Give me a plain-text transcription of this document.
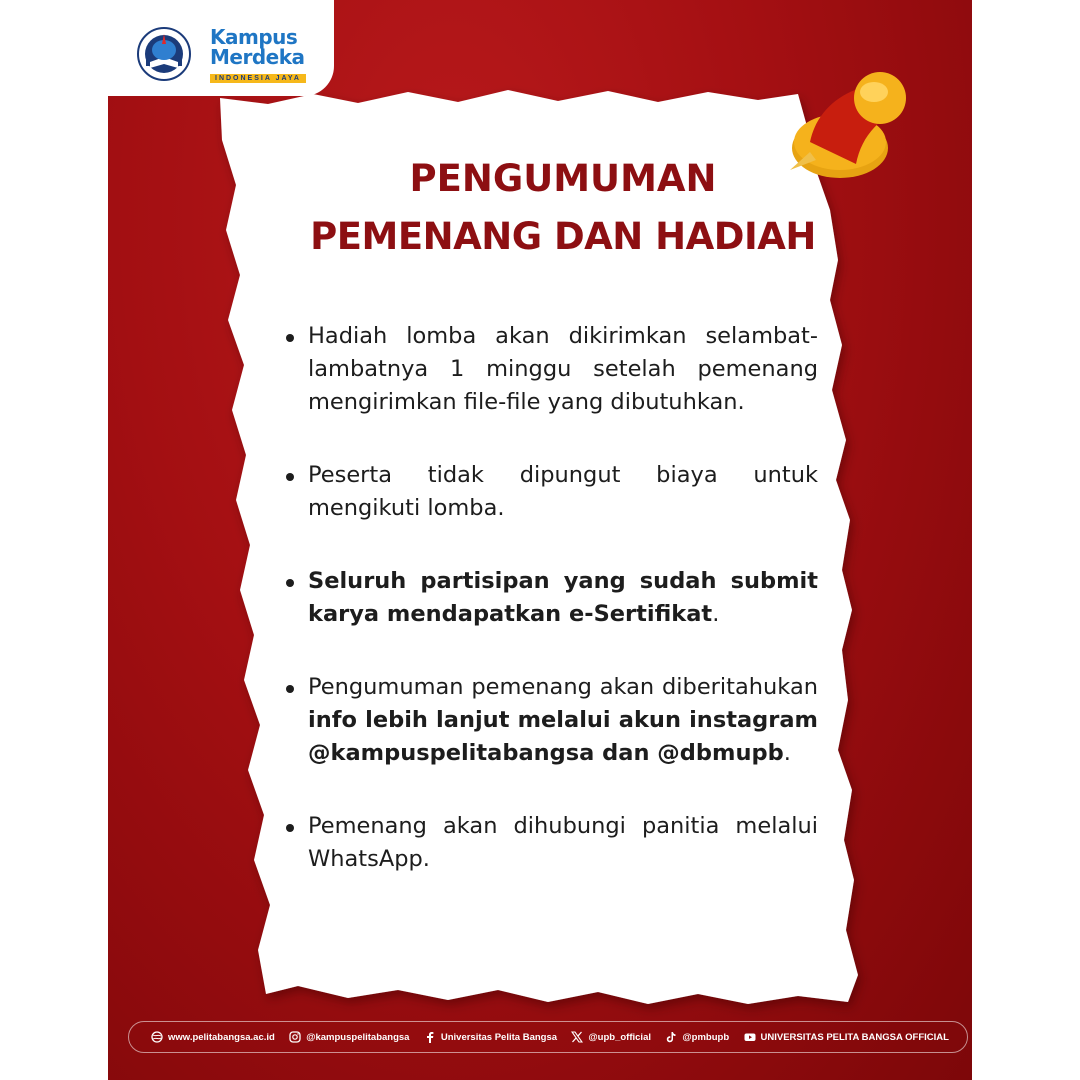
Kampus
Merdeka
INDONESIA JAYA
PENGUMUMAN
PEMENANG DAN HADIAH
Hadiah lomba akan dikirimkan selambat-lambatnya 1 minggu setelah pemenang mengirimkan file-file yang dibutuhkan.
Peserta tidak dipungut biaya untuk mengikuti lomba.
Seluruh partisipan yang sudah submit karya mendapatkan e-Sertifikat.
Pengumuman pemenang akan diberitahukan info lebih lanjut melalui akun instagram @kampuspelitabangsa dan @dbmupb.
Pemenang akan dihubungi panitia melalui WhatsApp.
www.pelitabangsa.ac.id	@kampuspelitabangsa	Universitas Pelita Bangsa	@upb_official	@pmbupb	UNIVERSITAS PELITA BANGSA OFFICIAL
